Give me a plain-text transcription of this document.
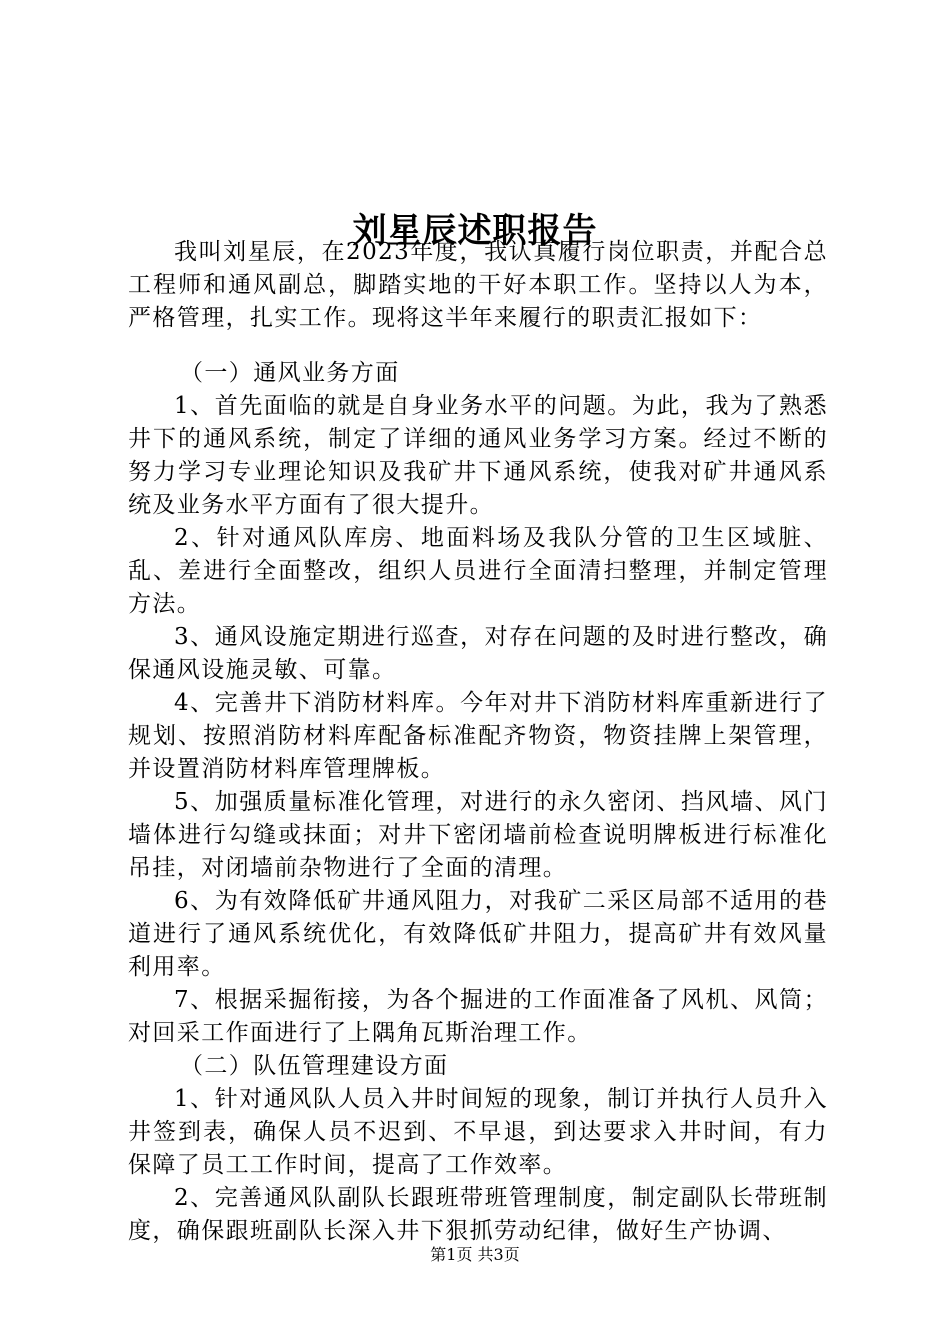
刘星辰述职报告

我叫刘星辰，在2023年度，我认真履行岗位职责，并配合总工程师和通风副总，脚踏实地的干好本职工作。坚持以人为本，严格管理，扎实工作。现将这半年来履行的职责汇报如下：

（一）通风业务方面

1、首先面临的就是自身业务水平的问题。为此，我为了熟悉井下的通风系统，制定了详细的通风业务学习方案。经过不断的努力学习专业理论知识及我矿井下通风系统，使我对矿井通风系统及业务水平方面有了很大提升。

2、针对通风队库房、地面料场及我队分管的卫生区域脏、乱、差进行全面整改，组织人员进行全面清扫整理，并制定管理方法。

3、通风设施定期进行巡查，对存在问题的及时进行整改，确保通风设施灵敏、可靠。

4、完善井下消防材料库。今年对井下消防材料库重新进行了规划、按照消防材料库配备标准配齐物资，物资挂牌上架管理，并设置消防材料库管理牌板。

5、加强质量标准化管理，对进行的永久密闭、挡风墙、风门墙体进行勾缝或抹面；对井下密闭墙前检查说明牌板进行标准化吊挂，对闭墙前杂物进行了全面的清理。

6、为有效降低矿井通风阻力，对我矿二采区局部不适用的巷道进行了通风系统优化，有效降低矿井阻力，提高矿井有效风量利用率。

7、根据采掘衔接，为各个掘进的工作面准备了风机、风筒；对回采工作面进行了上隅角瓦斯治理工作。

（二）队伍管理建设方面

1、针对通风队人员入井时间短的现象，制订并执行人员升入井签到表，确保人员不迟到、不早退，到达要求入井时间，有力保障了员工工作时间，提高了工作效率。

2、完善通风队副队长跟班带班管理制度，制定副队长带班制度，确保跟班副队长深入井下狠抓劳动纪律，做好生产协调、

第1页 共3页
